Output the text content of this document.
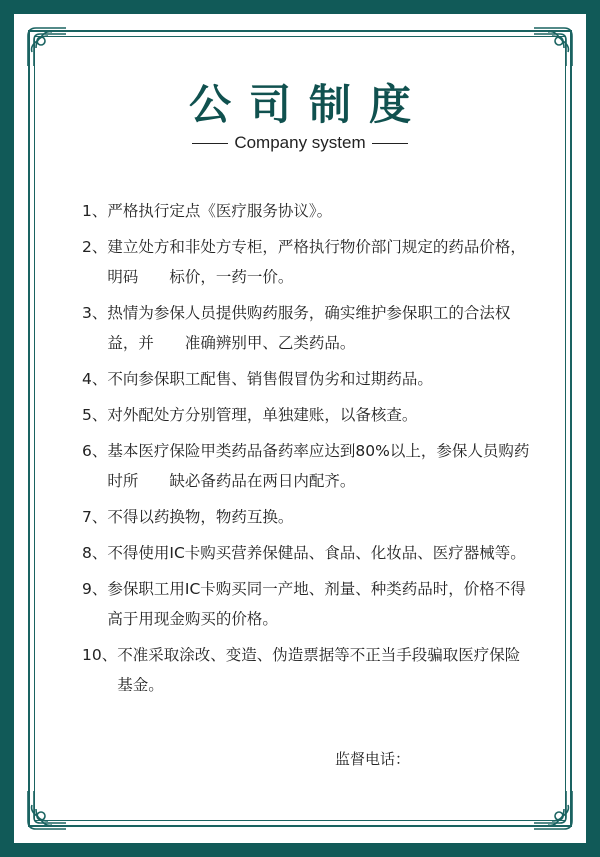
公司制度
Company system
1、 严格执行定点《医疗服务协议》。
2、 建立处方和非处方专柜，严格执行物价部门规定的药品价格，明码　　标价，一药一价。
3、 热情为参保人员提供购药服务，确实维护参保职工的合法权益，并　　准确辨别甲、乙类药品。
4、 不向参保职工配售、销售假冒伪劣和过期药品。
5、 对外配处方分别管理，单独建账，以备核查。
6、 基本医疗保险甲类药品备药率应达到80%以上，参保人员购药时所　　缺必备药品在两日内配齐。
7、 不得以药换物，物药互换。
8、 不得使用IC卡购买营养保健品、食品、化妆品、医疗器械等。
9、 参保职工用IC卡购买同一产地、剂量、种类药品时，价格不得高于用现金购买的价格。
10、 不准采取涂改、变造、伪造票据等不正当手段骗取医疗保险基金。
监督电话：
